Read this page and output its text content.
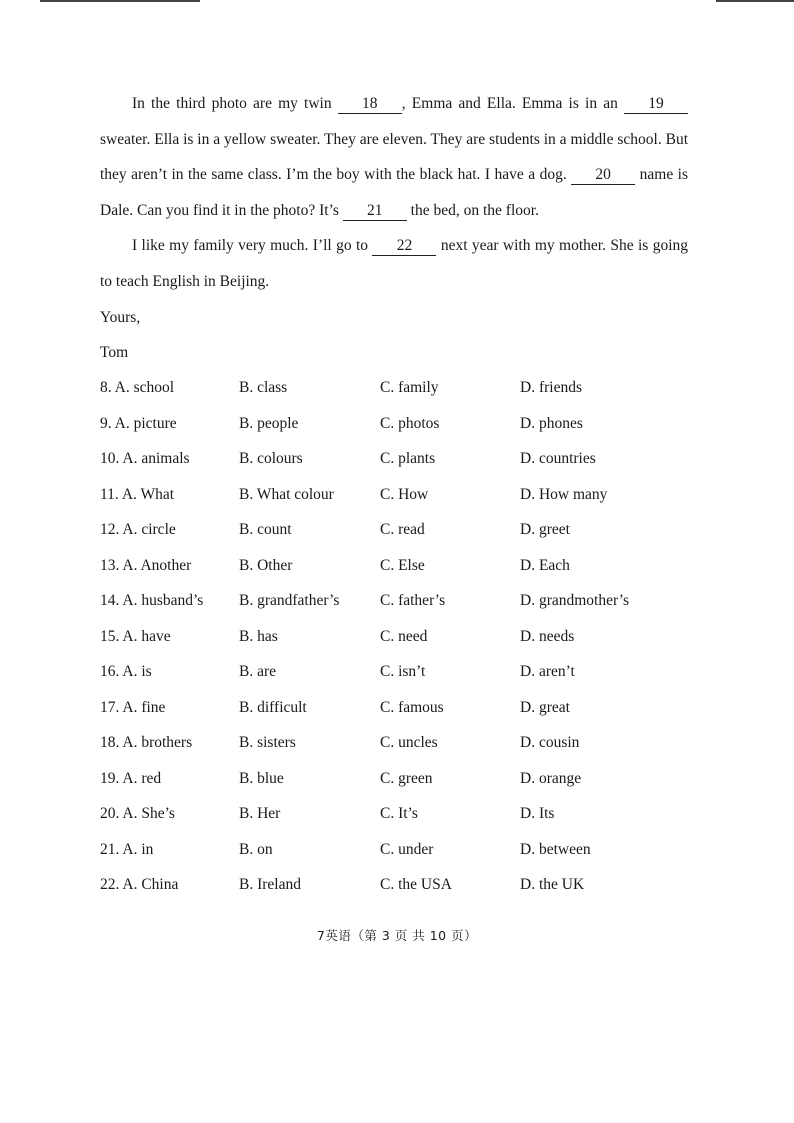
In the third photo are my twin 18 , Emma and Ella. Emma is in an 19 sweater. Ella is in a yellow sweater. They are eleven. They are students in a middle school. But they aren’t in the same class. I’m the boy with the black hat. I have a dog. 20 name is Dale. Can you find it in the photo? It’s 21 the bed, on the floor.

I like my family very much. I’ll go to 22 next year with my mother. She is going to teach English in Beijing.

Yours,
Tom
8. A. school	B. class	C. family	D. friends
9. A. picture	B. people	C. photos	D. phones
10. A. animals	B. colours	C. plants	D. countries
11. A. What	B. What colour	C. How	D. How many
12. A. circle	B. count	C. read	D. greet
13. A. Another	B. Other	C. Else	D. Each
14. A. husband’s B. grandfather’s	C. father’s	D. grandmother’s
15. A. have	B. has	C. need	D. needs
16. A. is	B. are	C. isn’t	D. aren’t
17. A. fine	B. difficult	C. famous	D. great
18. A. brothers	B. sisters	C. uncles	D. cousin
19. A. red	B. blue	C. green	D. orange
20. A. She’s	B. Her	C. It’s	D. Its
21. A. in	B. on	C. under	D. between
22. A. China	B. Ireland	C. the USA	D. the UK
7英语（第 3 页 共 10 页）
